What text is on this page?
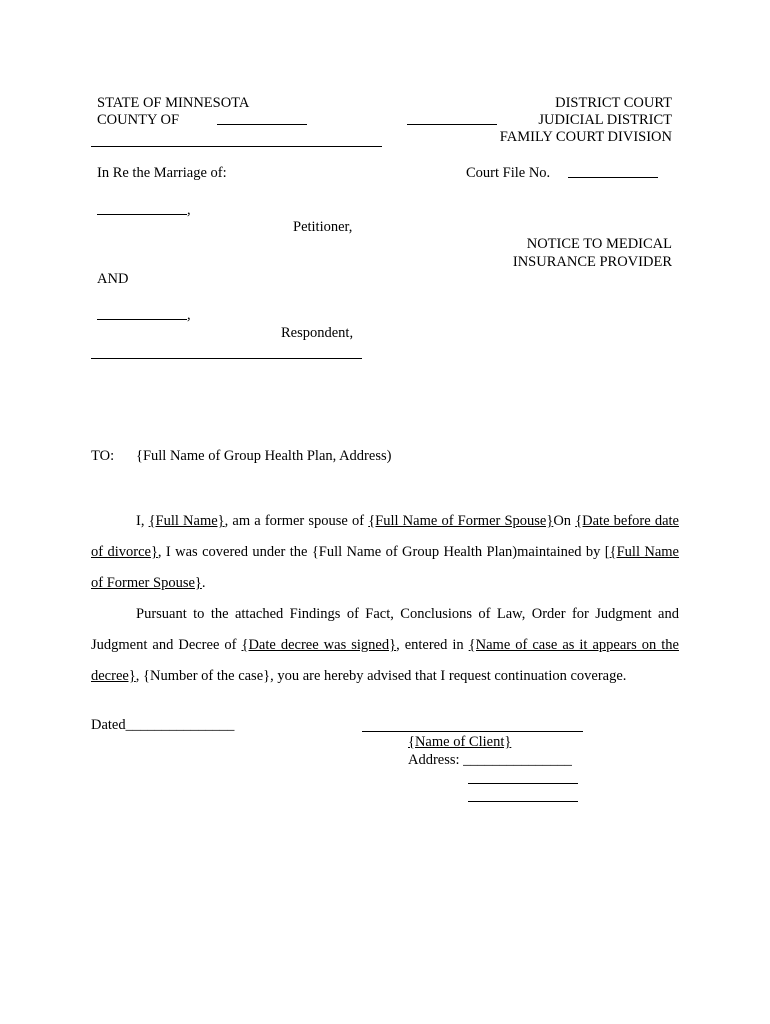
STATE OF MINNESOTA
COUNTY OF
DISTRICT COURT
JUDICIAL DISTRICT
FAMILY COURT DIVISION
In Re the Marriage of:	Court File No.
,
Petitioner,
NOTICE TO MEDICAL
INSURANCE PROVIDER
AND
,
Respondent,
TO: {Full Name of Group Health Plan, Address)
I, {Full Name}, am a former spouse of {Full Name of Former Spouse}On {Date before date of divorce}, I was covered under the {Full Name of Group Health Plan)maintained by [{Full Name of Former Spouse}.
Pursuant to the attached Findings of Fact, Conclusions of Law, Order for Judgment and Judgment and Decree of {Date decree was signed}, entered in {Name of case as it appears on the decree}, {Number of the case}, you are hereby advised that I request continuation coverage.
Dated_______________
{Name of Client}
Address: _______________
